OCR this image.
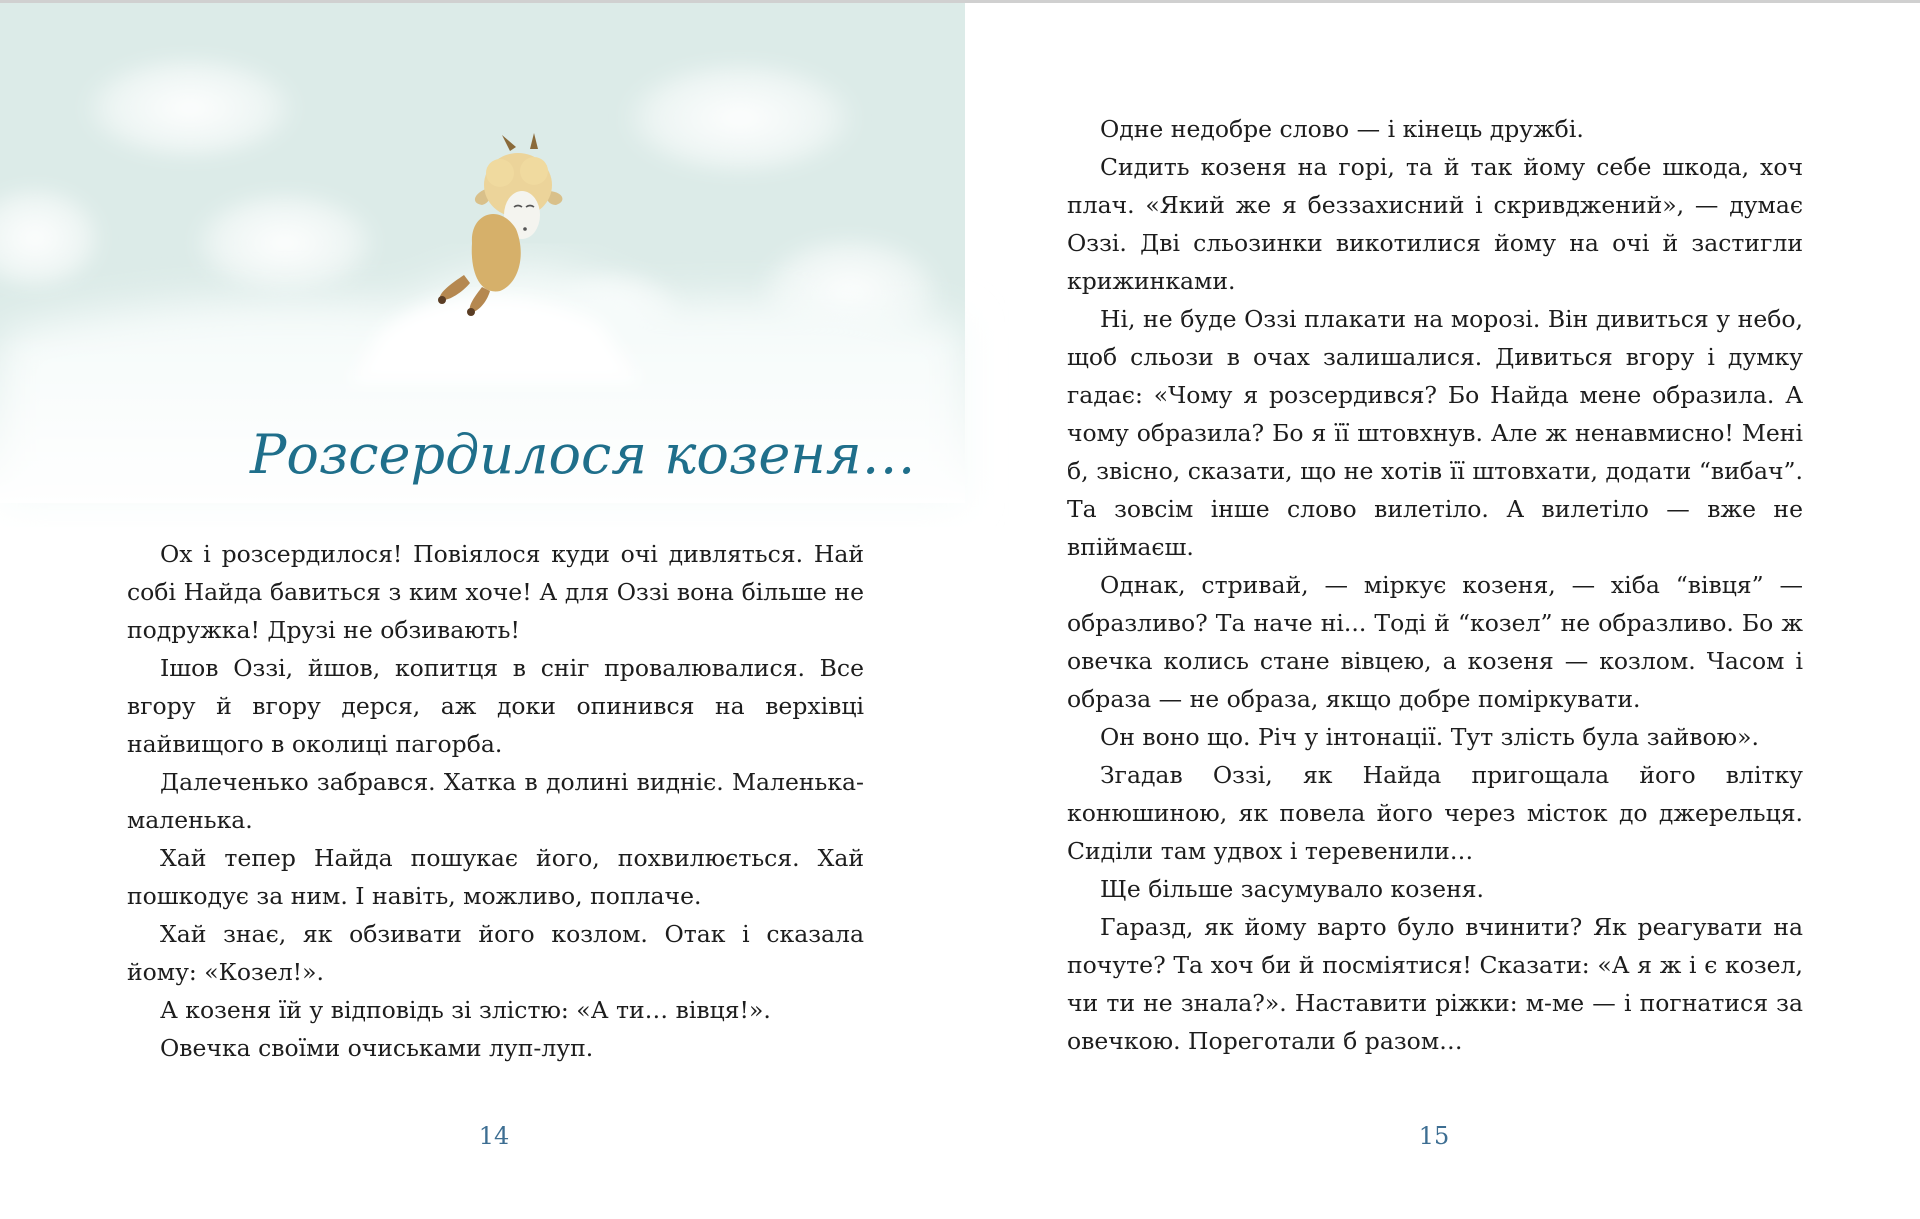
Розсердилося козеня…

Ох і розсердилося! Повіялося куди очі дивляться. Най собі Найда бавиться з ким хоче! А для Оззі вона більше не подружка! Друзі не обзивають!

Ішов Оззі, йшов, копитця в сніг провалювалися. Все вгору й вгору дерся, аж доки опинився на верхівці найвищого в околиці пагорба.

Далеченько забрався. Хатка в долині видніє. Маленька-маленька.

Хай тепер Найда пошукає його, похвилюється. Хай пошкодує за ним. І навіть, можливо, поплаче.

Хай знає, як обзивати його козлом. Отак і сказала йому: «Козел!».

А козеня їй у відповідь зі злістю: «А ти… вівця!».

Овечка своїми очиськами луп-луп.

14

Одне недобре слово — і кінець дружбі.

Сидить козеня на горі, та й так йому себе шкода, хоч плач. «Який же я беззахисний і скривджений», — думає Оззі. Дві сльозинки викотилися йому на очі й застигли крижинками.

Ні, не буде Оззі плакати на морозі. Він дивиться у небо, щоб сльози в очах залишалися. Дивиться вгору і думку гадає: «Чому я розсердився? Бо Найда мене образила. А чому образила? Бо я її штовхнув. Але ж ненавмисно! Мені б, звісно, сказати, що не хотів її штовхати, додати “вибач”. Та зовсім інше слово вилетіло. А вилетіло — вже не впіймаєш.

Однак, стривай, — міркує козеня, — хіба “вівця” — образливо? Та наче ні... Тоді й “козел” не образливо. Бо ж овечка колись стане вівцею, а козеня — козлом. Часом і образа — не образа, якщо добре поміркувати.

Он воно що. Річ у інтонації. Тут злість була зайвою».

Згадав Оззі, як Найда пригощала його влітку конюшиною, як повела його через місток до джерельця. Сиділи там удвох і теревенили…

Ще більше засумувало козеня.

Гаразд, як йому варто було вчинити? Як реагувати на почуте? Та хоч би й посміятися! Сказати: «А я ж і є козел, чи ти не знала?». Наставити ріжки: м-ме — і погнатися за овечкою. Пореготали б разом…

15
